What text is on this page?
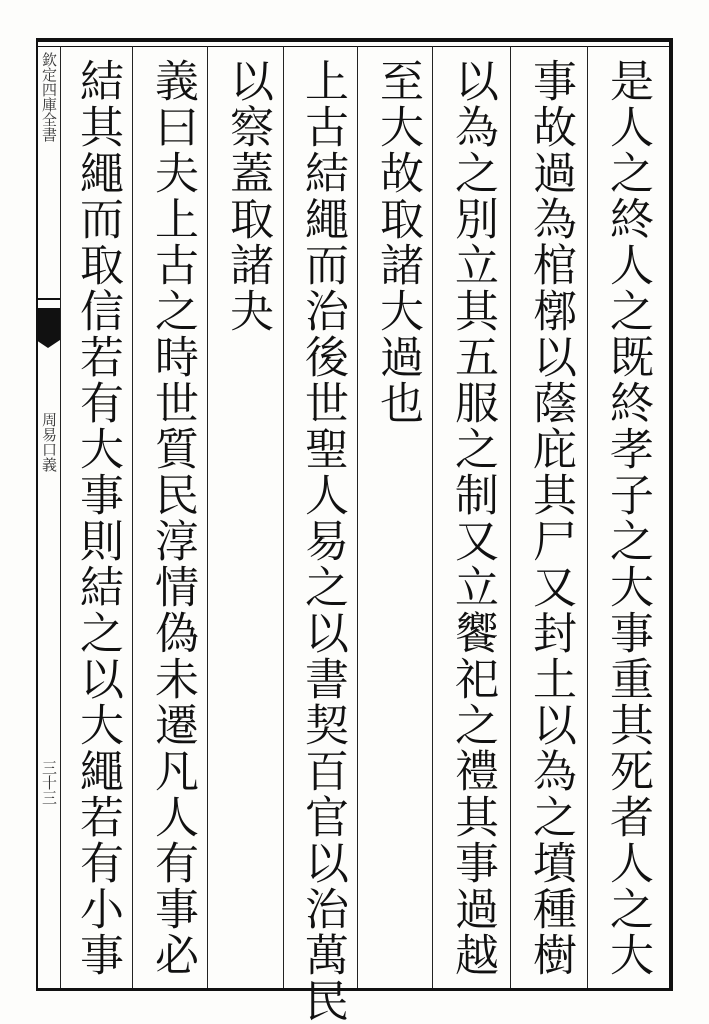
欽定四庫全書
周易口義
三十三	是人之終人之既終孝子之大事重其死者人之大
事故過為棺槨以蔭庇其尸又封土以為之墳種樹
以為之別立其五服之制又立饗祀之禮其事過越
至大故取諸大過也
上古結繩而治後世聖人易之以書契百官以治萬民
以察蓋取諸夬
義曰夫上古之時世質民淳情偽未遷凡人有事必
結其繩而取信若有大事則結之以大繩若有小事
